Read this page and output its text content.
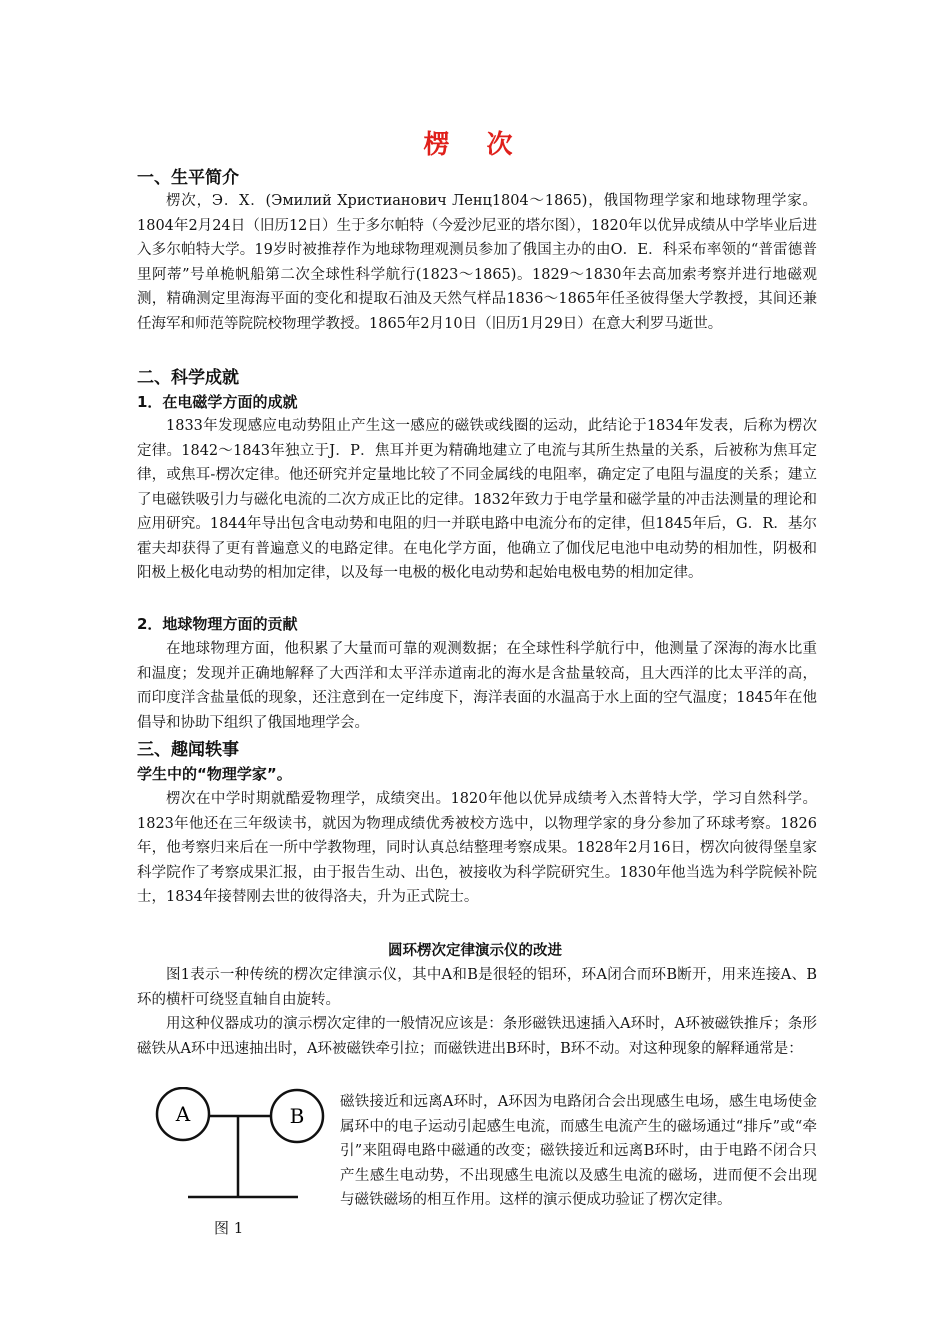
楞 次
一、生平简介

楞次，Э．Х．(Эмилий Христианович Ленц1804～1865)，俄国物理学家和地球物理学家。1804年2月24日（旧历12日）生于多尔帕特（今爱沙尼亚的塔尔图），1820年以优异成绩从中学毕业后进入多尔帕特大学。19岁时被推荐作为地球物理观测员参加了俄国主办的由O．E．科采布率领的“普雷德普里阿蒂”号单桅帆船第二次全球性科学航行(1823～1865)。1829～1830年去高加索考察并进行地磁观测，精确测定里海海平面的变化和提取石油及天然气样品1836～1865年任圣彼得堡大学教授，其间还兼任海军和师范等院院校物理学教授。1865年2月10日（旧历1月29日）在意大利罗马逝世。

二、科学成就
1．在电磁学方面的成就

1833年发现感应电动势阻止产生这一感应的磁铁或线圈的运动，此结论于1834年发表，后称为楞次定律。1842～1843年独立于J．P．焦耳并更为精确地建立了电流与其所生热量的关系，后被称为焦耳定律，或焦耳-楞次定律。他还研究并定量地比较了不同金属线的电阻率，确定定了电阻与温度的关系；建立了电磁铁吸引力与磁化电流的二次方成正比的定律。1832年致力于电学量和磁学量的冲击法测量的理论和应用研究。1844年导出包含电动势和电阻的归一并联电路中电流分布的定律，但1845年后，G．R．基尔霍夫却获得了更有普遍意义的电路定律。在电化学方面，他确立了伽伐尼电池中电动势的相加性，阴极和阳极上极化电动势的相加定律，以及每一电极的极化电动势和起始电极电势的相加定律。

2．地球物理方面的贡献

在地球物理方面，他积累了大量而可靠的观测数据；在全球性科学航行中，他测量了深海的海水比重和温度；发现并正确地解释了大西洋和太平洋赤道南北的海水是含盐量较高，且大西洋的比太平洋的高，而印度洋含盐量低的现象，还注意到在一定纬度下，海洋表面的水温高于水上面的空气温度；1845年在他倡导和协助下组织了俄国地理学会。

三、趣闻轶事
学生中的“物理学家”。

楞次在中学时期就酷爱物理学，成绩突出。1820年他以优异成绩考入杰普特大学，学习自然科学。1823年他还在三年级读书，就因为物理成绩优秀被校方选中，以物理学家的身分参加了环球考察。1826年，他考察归来后在一所中学教物理，同时认真总结整理考察成果。1828年2月16日，楞次向彼得堡皇家科学院作了考察成果汇报，由于报告生动、出色，被接收为科学院研究生。1830年他当选为科学院候补院士，1834年接替刚去世的彼得洛夫，升为正式院士。

圆环楞次定律演示仪的改进

图1表示一种传统的楞次定律演示仪，其中A和B是很轻的铝环，环A闭合而环B断开，用来连接A、B环的横杆可绕竖直轴自由旋转。

用这种仪器成功的演示楞次定律的一般情况应该是：条形磁铁迅速插入A环时，A环被磁铁推斥；条形磁铁从A环中迅速抽出时，A环被磁铁牵引拉；而磁铁进出B环时，B环不动。对这种现象的解释通常是：

磁铁接近和远离A环时，A环因为电路闭合会出现感生电场，感生电场使金属环中的电子运动引起感生电流，而感生电流产生的磁场通过“排斥”或“牵引”来阻碍电路中磁通的改变；磁铁接近和远离B环时，由于电路不闭合只产生感生电动势，不出现感生电流以及感生电流的磁场，进而便不会出现与磁铁磁场的相互作用。这样的演示便成功验证了楞次定律。

A	B
图 1
